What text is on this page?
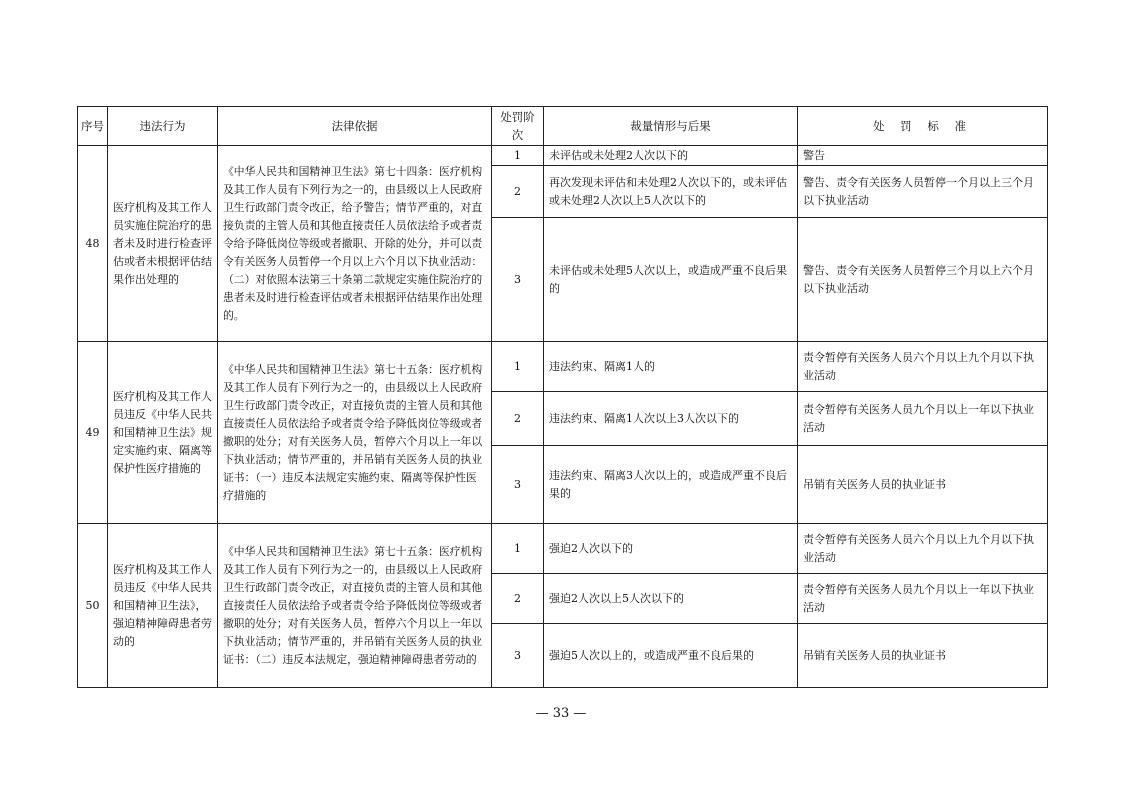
序号	违法行为	法律依据	处罚阶次	裁量情形与后果	处 罚 标 准
48	医疗机构及其工作人员实施住院治疗的患者未及时进行检查评估或者未根据评估结果作出处理的	《中华人民共和国精神卫生法》第七十四条：医疗机构及其工作人员有下列行为之一的，由县级以上人民政府卫生行政部门责令改正，给予警告；情节严重的，对直接负责的主管人员和其他直接责任人员依法给予或者责令给予降低岗位等级或者撤职、开除的处分，并可以责令有关医务人员暂停一个月以上六个月以下执业活动：（二）对依照本法第三十条第二款规定实施住院治疗的患者未及时进行检查评估或者未根据评估结果作出处理的。	1	未评估或未处理2人次以下的	警告
			2	再次发现未评估和未处理2人次以下的，或未评估或未处理2人次以上5人次以下的	警告、责令有关医务人员暂停一个月以上三个月以下执业活动
			3	未评估或未处理5人次以上，或造成严重不良后果的	警告、责令有关医务人员暂停三个月以上六个月以下执业活动
49	医疗机构及其工作人员违反《中华人民共和国精神卫生法》规定实施约束、隔离等保护性医疗措施的	《中华人民共和国精神卫生法》第七十五条：医疗机构及其工作人员有下列行为之一的，由县级以上人民政府卫生行政部门责令改正，对直接负责的主管人员和其他直接责任人员依法给予或者责令给予降低岗位等级或者撤职的处分；对有关医务人员，暂停六个月以上一年以下执业活动；情节严重的，并吊销有关医务人员的执业证书：（一）违反本法规定实施约束、隔离等保护性医疗措施的	1	违法约束、隔离1人的	责令暂停有关医务人员六个月以上九个月以下执业活动
			2	违法约束、隔离1人次以上3人次以下的	责令暂停有关医务人员九个月以上一年以下执业活动
			3	违法约束、隔离3人次以上的，或造成严重不良后果的	吊销有关医务人员的执业证书
50	医疗机构及其工作人员违反《中华人民共和国精神卫生法》，强迫精神障碍患者劳动的	《中华人民共和国精神卫生法》第七十五条：医疗机构及其工作人员有下列行为之一的，由县级以上人民政府卫生行政部门责令改正，对直接负责的主管人员和其他直接责任人员依法给予或者责令给予降低岗位等级或者撤职的处分；对有关医务人员，暂停六个月以上一年以下执业活动；情节严重的，并吊销有关医务人员的执业证书：（二）违反本法规定，强迫精神障碍患者劳动的	1	强迫2人次以下的	责令暂停有关医务人员六个月以上九个月以下执业活动
			2	强迫2人次以上5人次以下的	责令暂停有关医务人员九个月以上一年以下执业活动
			3	强迫5人次以上的，或造成严重不良后果的	吊销有关医务人员的执业证书
— 33 —
